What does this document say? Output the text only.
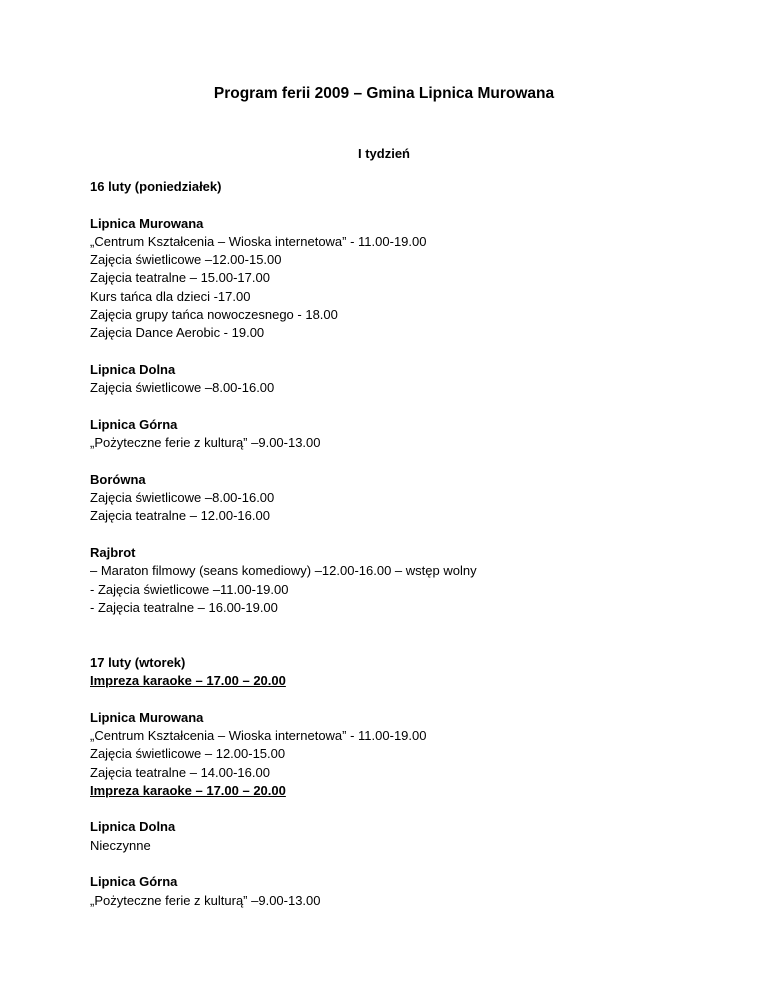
Program ferii 2009 – Gmina Lipnica Murowana
I tydzień
16 luty (poniedziałek)
Lipnica Murowana
„Centrum Kształcenia – Wioska internetowa” - 11.00-19.00
Zajęcia świetlicowe –12.00-15.00
Zajęcia teatralne – 15.00-17.00
Kurs tańca dla dzieci -17.00
Zajęcia grupy tańca nowoczesnego - 18.00
Zajęcia Dance Aerobic - 19.00
Lipnica Dolna
Zajęcia świetlicowe –8.00-16.00
Lipnica Górna
„Pożyteczne ferie z kulturą” –9.00-13.00
Borówna
Zajęcia świetlicowe –8.00-16.00
Zajęcia teatralne – 12.00-16.00
Rajbrot
– Maraton filmowy (seans komediowy) –12.00-16.00 – wstęp wolny
- Zajęcia świetlicowe –11.00-19.00
- Zajęcia teatralne – 16.00-19.00
17 luty (wtorek)
Impreza karaoke – 17.00 – 20.00
Lipnica Murowana
„Centrum Kształcenia – Wioska internetowa” - 11.00-19.00
Zajęcia świetlicowe – 12.00-15.00
Zajęcia teatralne – 14.00-16.00
Impreza karaoke – 17.00 – 20.00
Lipnica Dolna
Nieczynne
Lipnica Górna
„Pożyteczne ferie z kulturą” –9.00-13.00
